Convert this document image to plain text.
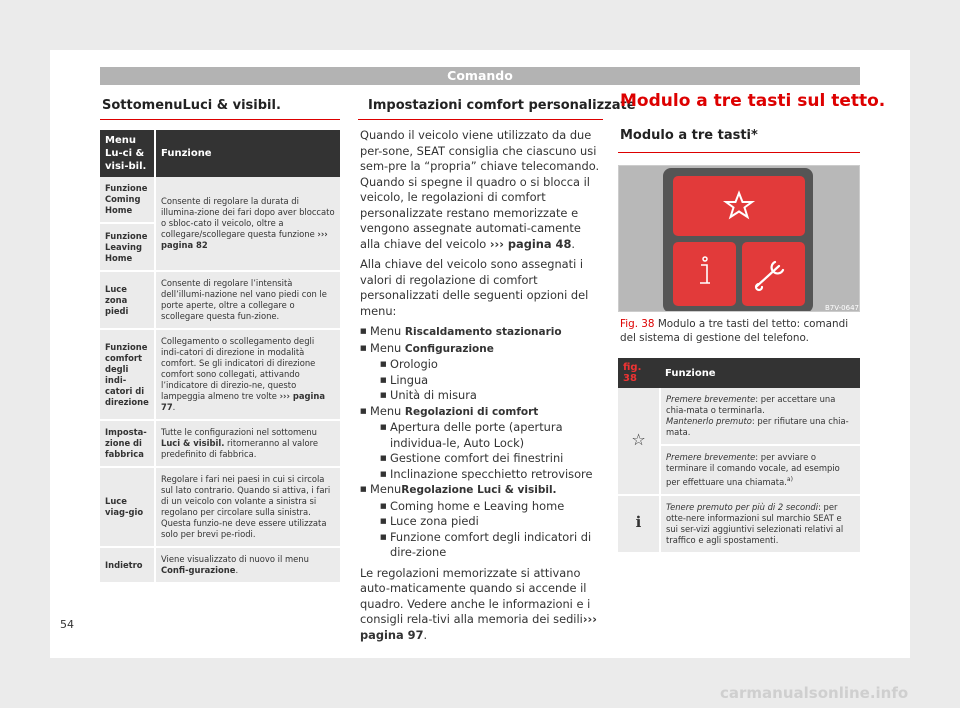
Comando
SottomenuLuci & visibil.
Menu Lu-ci & visi-bil.	Funzione
Funzione Coming Home	Consente di regolare la durata di illumina-zione dei fari dopo aver bloccato o sbloc-cato il veicolo, oltre a collegare/scollegare questa funzione ››› pagina 82
Funzione Leaving Home	
Luce zona piedi	Consente di regolare l’intensità dell’illumi-nazione nel vano piedi con le porte aperte, oltre a collegare o scollegare questa fun-zione.
Funzione comfort degli indi-catori di direzione	Collegamento o scollegamento degli indi-catori di direzione in modalità comfort. Se gli indicatori di direzione comfort sono collegati, attivando l’indicatore di direzio-ne, questo lampeggia almeno tre volte ››› pagina 77.
Imposta-zione di fabbrica	Tutte le configurazioni nel sottomenu Luci & visibil. ritorneranno al valore predefinito di fabbrica.
Luce viag-gio	Regolare i fari nei paesi in cui si circola sul lato contrario. Quando si attiva, i fari di un veicolo con volante a sinistra si regolano per circolare sulla sinistra. Questa funzio-ne deve essere utilizzata solo per brevi pe-riodi.
Indietro	Viene visualizzato di nuovo il menu Confi-gurazione.
Impostazioni comfort personalizzate

Quando il veicolo viene utilizzato da due per-sone, SEAT consiglia che ciascuno usi sem-pre la “propria” chiave telecomando. Quando si spegne il quadro o si blocca il veicolo, le regolazioni di comfort personalizzate restano memorizzate e vengono assegnate automati-camente alla chiave del veicolo ››› pagina 48.

Alla chiave del veicolo sono assegnati i valori di regolazione di comfort personalizzati delle seguenti opzioni del menu:

■ Menu Riscaldamento stazionario
■ Menu Configurazione
■ Orologio
■ Lingua
■ Unità di misura
■ Menu Regolazioni di comfort
■ Apertura delle porte (apertura individua-le, Auto Lock)
■ Gestione comfort dei finestrini
■ Inclinazione specchietto retrovisore
■ MenuRegolazione Luci & visibil.
■ Coming home e Leaving home
■ Luce zona piedi
■ Funzione comfort degli indicatori di dire-zione

Le regolazioni memorizzate si attivano auto-maticamente quando si accende il quadro. Vedere anche le informazioni e i consigli rela-tivi alla memoria dei sedili››› pagina 97.

Modulo a tre tasti sul tetto.
Modulo a tre tasti*
B7V-0647
Fig. 38 Modulo a tre tasti del tetto: comandi del sistema di gestione del telefono.
fig. 38	Funzione
☆	Premere brevemente: per accettare una chia-mata o terminarla.
Mantenerlo premuto: per rifiutare una chia-mata.
	Premere brevemente: per avviare o terminare il comando vocale, ad esempio per effettuare una chiamata.$^{a)}$
ℹ	Tenere premuto per più di 2 secondi: per otte-nere informazioni sul marchio SEAT e sui ser-vizi aggiuntivi selezionati relativi al traffico e agli spostamenti.
54
carmanualsonline.info
